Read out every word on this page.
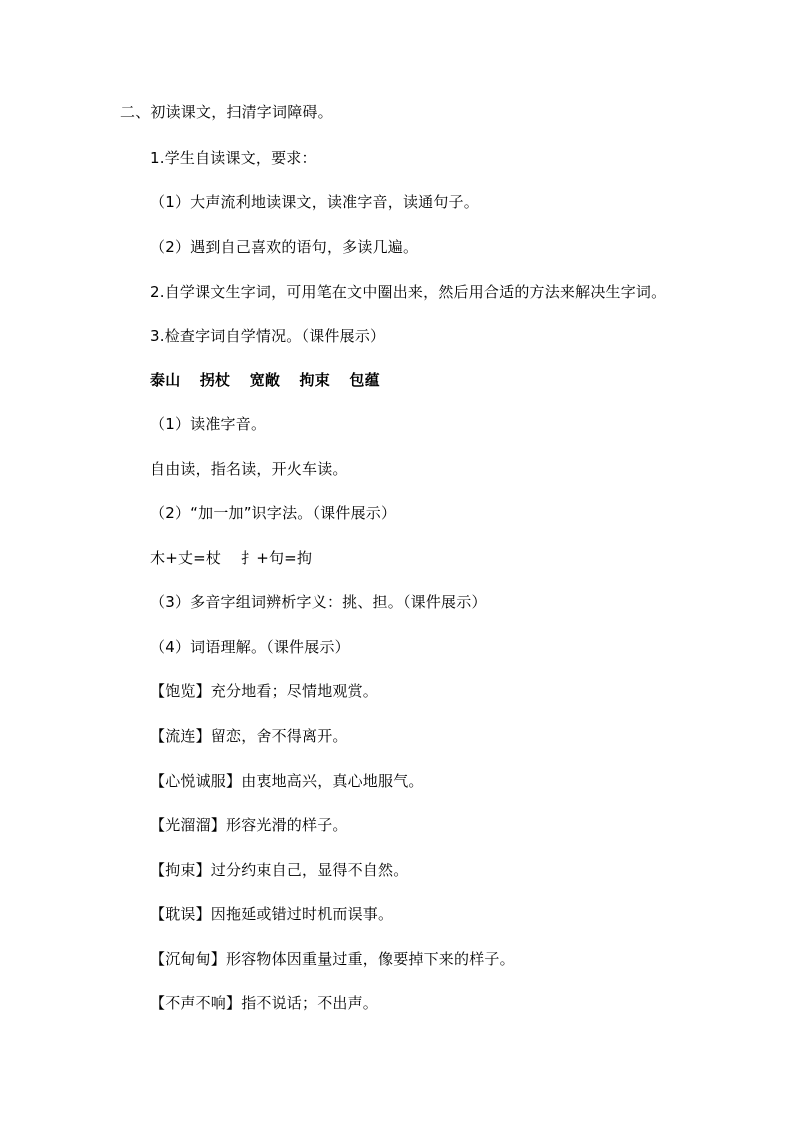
二、初读课文，扫清字词障碍。
1.学生自读课文，要求：
（1）大声流利地读课文，读准字音，读通句子。
（2）遇到自己喜欢的语句，多读几遍。
2.自学课文生字词，可用笔在文中圈出来，然后用合适的方法来解决生字词。
3.检查字词自学情况。（课件展示）
泰山 拐杖 宽敞 拘束 包蕴
（1）读准字音。
自由读，指名读，开火车读。
（2）“加一加”识字法。（课件展示）
木+丈=杖    扌+句=拘
（3）多音字组词辨析字义：挑、担。（课件展示）
（4）词语理解。（课件展示）
【饱览】充分地看；尽情地观赏。
【流连】留恋，舍不得离开。
【心悦诚服】由衷地高兴，真心地服气。
【光溜溜】形容光滑的样子。
【拘束】过分约束自己，显得不自然。
【耽误】因拖延或错过时机而误事。
【沉甸甸】形容物体因重量过重，像要掉下来的样子。
【不声不响】指不说话；不出声。
